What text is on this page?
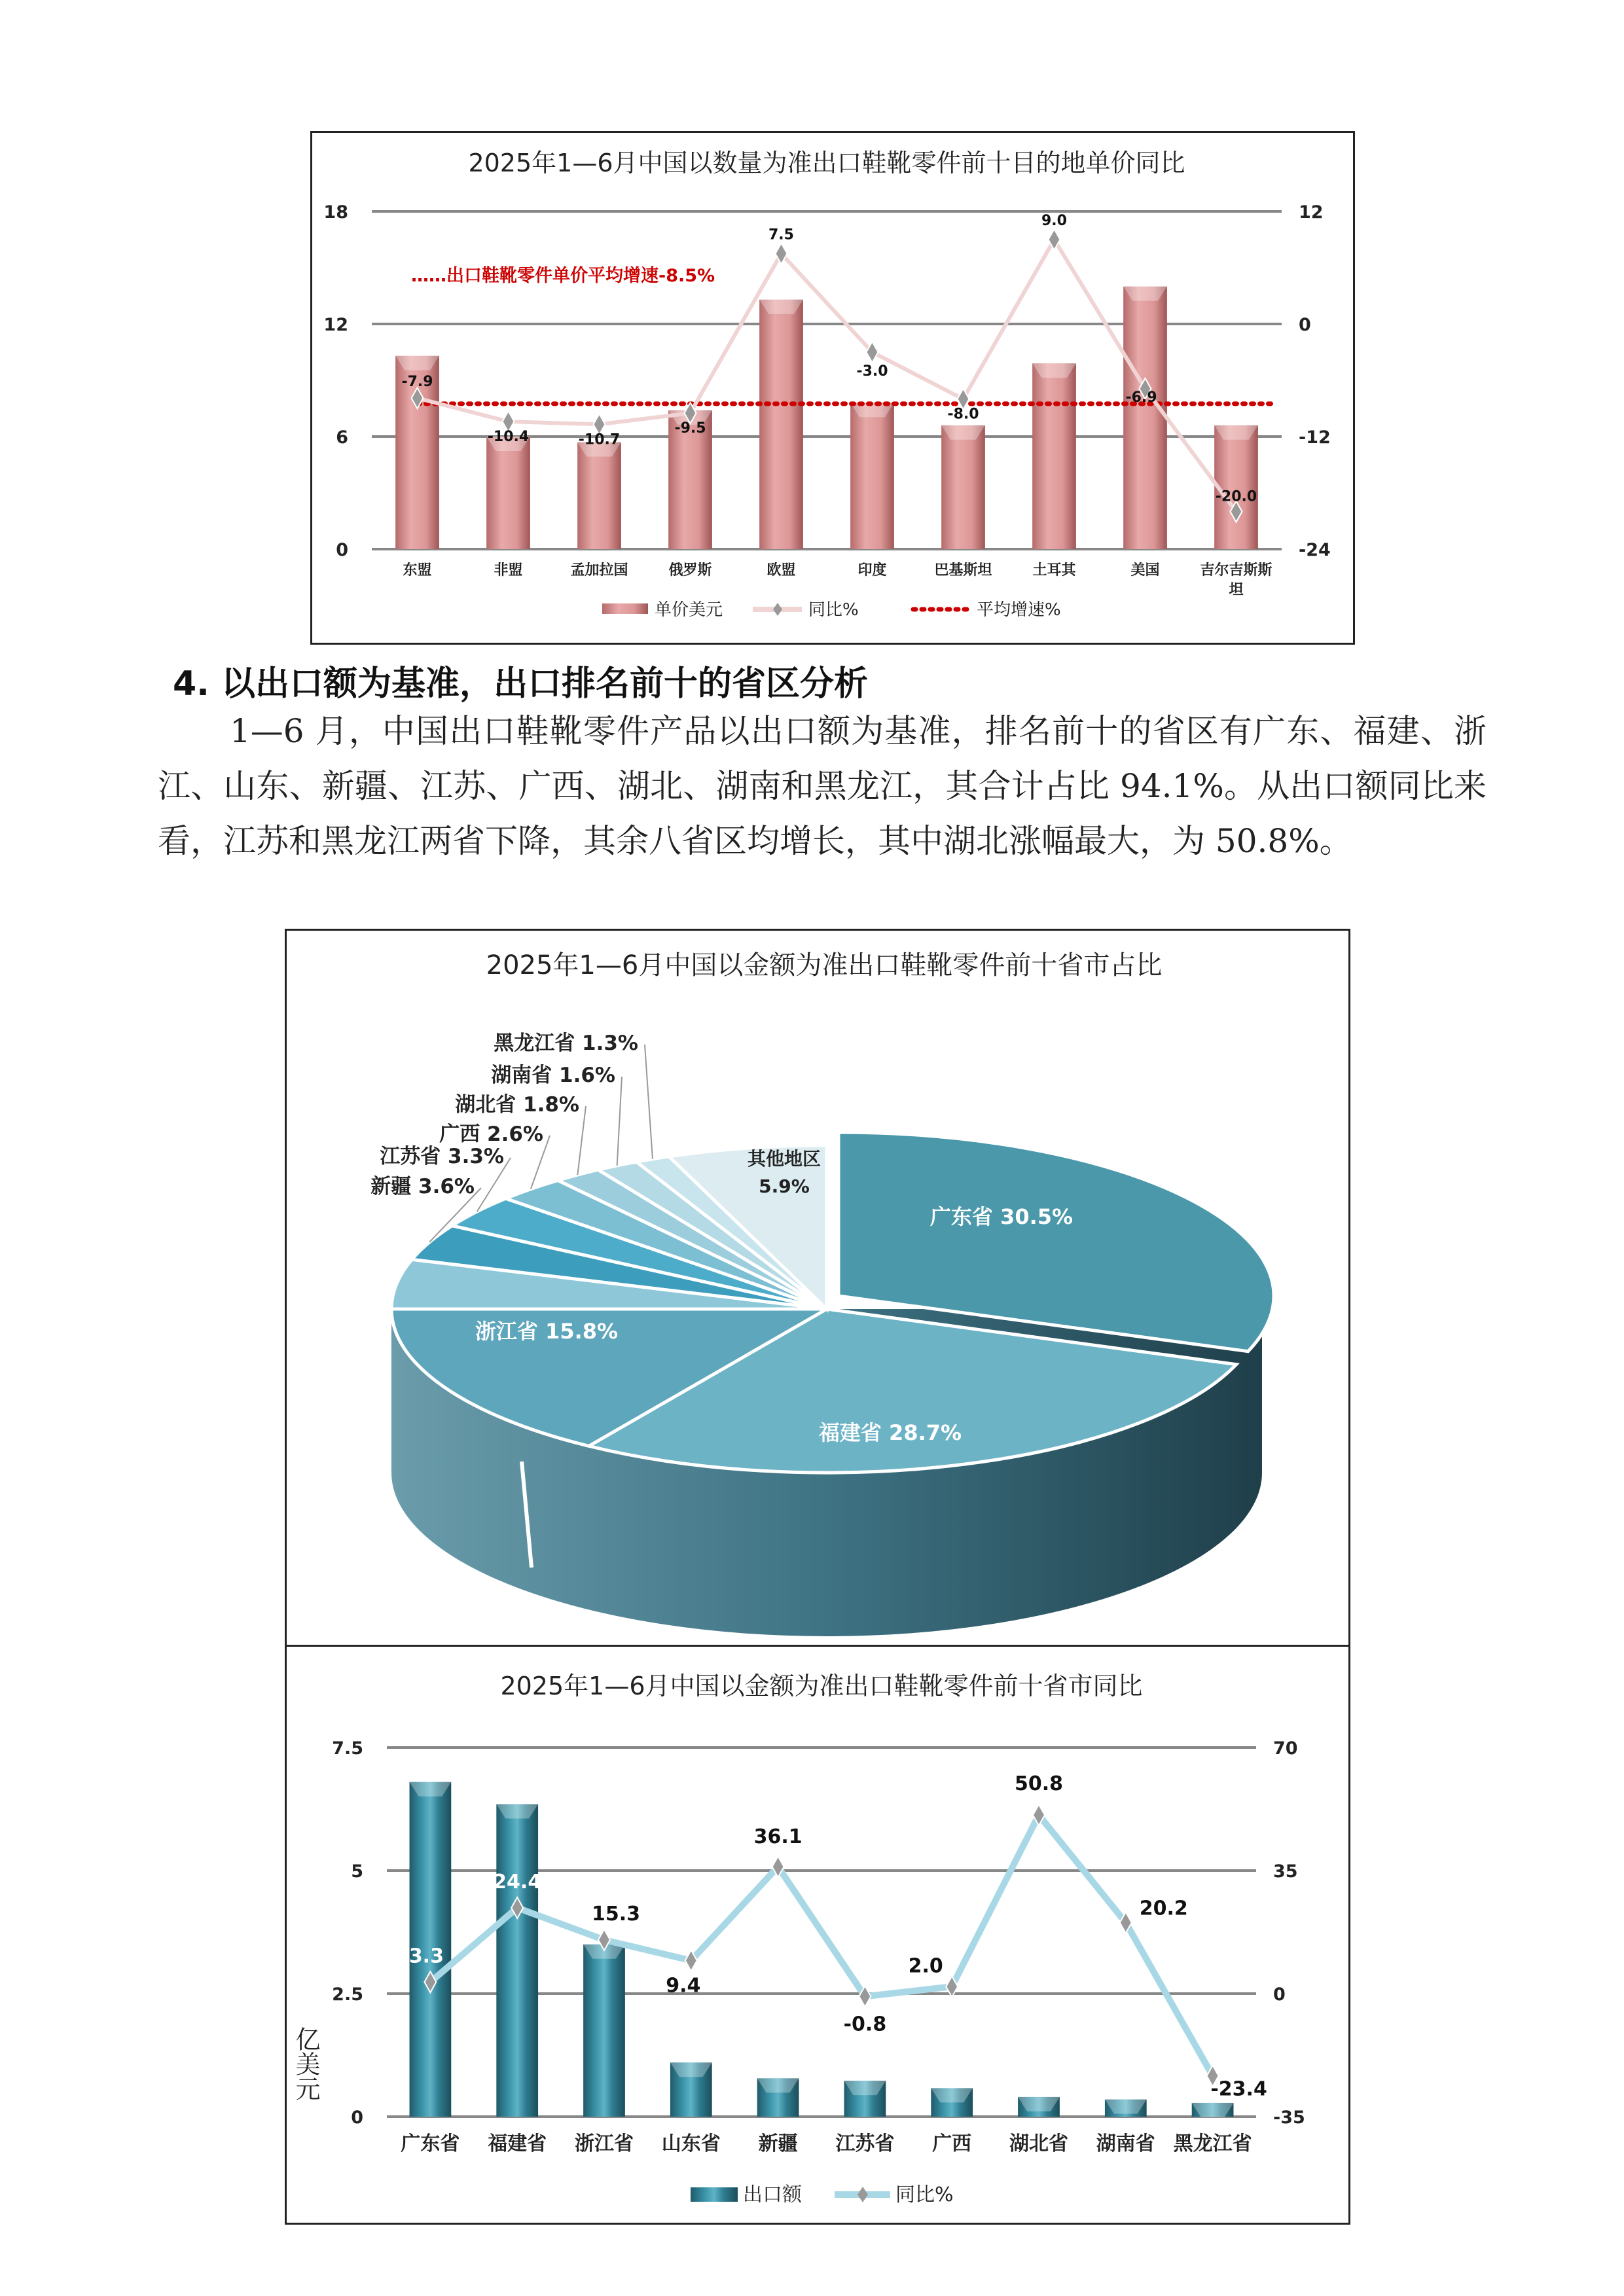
2025年1—6月中国以数量为准出口鞋靴零件前十目的地单价同比
0	-24
6	-12
12	0
18	12
东盟	非盟	孟加拉国	俄罗斯	欧盟	印度	巴基斯坦	土耳其	美国	吉尔吉斯斯
坦
-7.9
-10.4	-10.7
-9.5
7.5
-3.0
-8.0
9.0
-6.9
-20.0
……出口鞋靴零件单价平均增速-8.5%
单价美元	同比%	平均增速%
4. 以出口额为基准，出口排名前十的省区分析
1—6 月，中国出口鞋靴零件产品以出口额为基准，排名前十的省区有广东、福建、浙江、山东、新疆、江苏、广西、湖北、湖南和黑龙江，其合计占比 94.1%。从出口额同比来看，江苏和黑龙江两省下降，其余八省区均增长，其中湖北涨幅最大，为 50.8%。
2025年1—6月中国以金额为准出口鞋靴零件前十省市占比
广东省 30.5%
福建省 28.7%
浙江省 15.8%
新疆 3.6%
江苏省 3.3%
广西 2.6%
湖北省 1.8%
湖南省 1.6%
黑龙江省 1.3%
其他地区
5.9%
2025年1—6月中国以金额为准出口鞋靴零件前十省市同比
0	-35
2.5	0
5	35
7.5	70
广东省 福建省 浙江省 山东省 新疆 江苏省 广西 湖北省 湖南省 黑龙江省
3.3
24.4
15.3
9.4
36.1
-0.8
2.0
50.8
20.2
-23.4
出口额	同比%
亿美元
